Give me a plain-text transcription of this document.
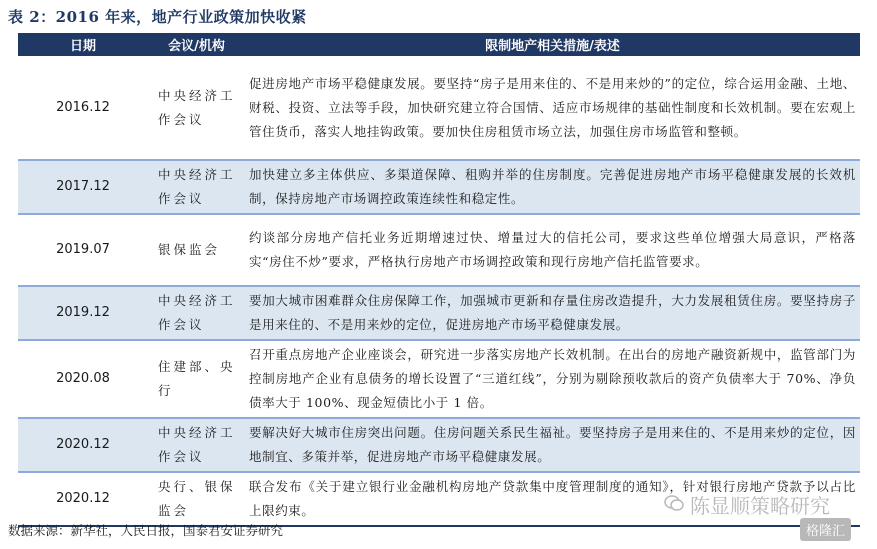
表 2：2016 年来，地产行业政策加快收紧
日期	会议/机构	限制地产相关措施/表述
2016.12	中央经济工作会议	促进房地产市场平稳健康发展。要坚持“房子是用来住的、不是用来炒的”的定位，综合运用金融、土地、财税、投资、立法等手段，加快研究建立符合国情、适应市场规律的基础性制度和长效机制。要在宏观上管住货币，落实人地挂钩政策。要加快住房租赁市场立法，加强住房市场监管和整顿。
2017.12	中央经济工作会议	加快建立多主体供应、多渠道保障、租购并举的住房制度。完善促进房地产市场平稳健康发展的长效机制，保持房地产市场调控政策连续性和稳定性。
2019.07	银保监会	约谈部分房地产信托业务近期增速过快、增量过大的信托公司，要求这些单位增强大局意识，严格落实“房住不炒”要求，严格执行房地产市场调控政策和现行房地产信托监管要求。
2019.12	中央经济工作会议	要加大城市困难群众住房保障工作，加强城市更新和存量住房改造提升，大力发展租赁住房。要坚持房子是用来住的、不是用来炒的定位，促进房地产市场平稳健康发展。
2020.08	住建部、央行	召开重点房地产企业座谈会，研究进一步落实房地产长效机制。在出台的房地产融资新规中，监管部门为控制房地产企业有息债务的增长设置了“三道红线”，分别为剔除预收款后的资产负债率大于 70%、净负债率大于 100%、现金短债比小于 1 倍。
2020.12	中央经济工作会议	要解决好大城市住房突出问题。住房问题关系民生福祉。要坚持房子是用来住的、不是用来炒的定位，因地制宜、多策并举，促进房地产市场平稳健康发展。
2020.12	央行、银保监会	联合发布《关于建立银行业金融机构房地产贷款集中度管理制度的通知》，针对银行房地产贷款予以占比上限约束。
数据来源：新华社，人民日报，国泰君安证券研究
陈显顺策略研究
格隆汇
